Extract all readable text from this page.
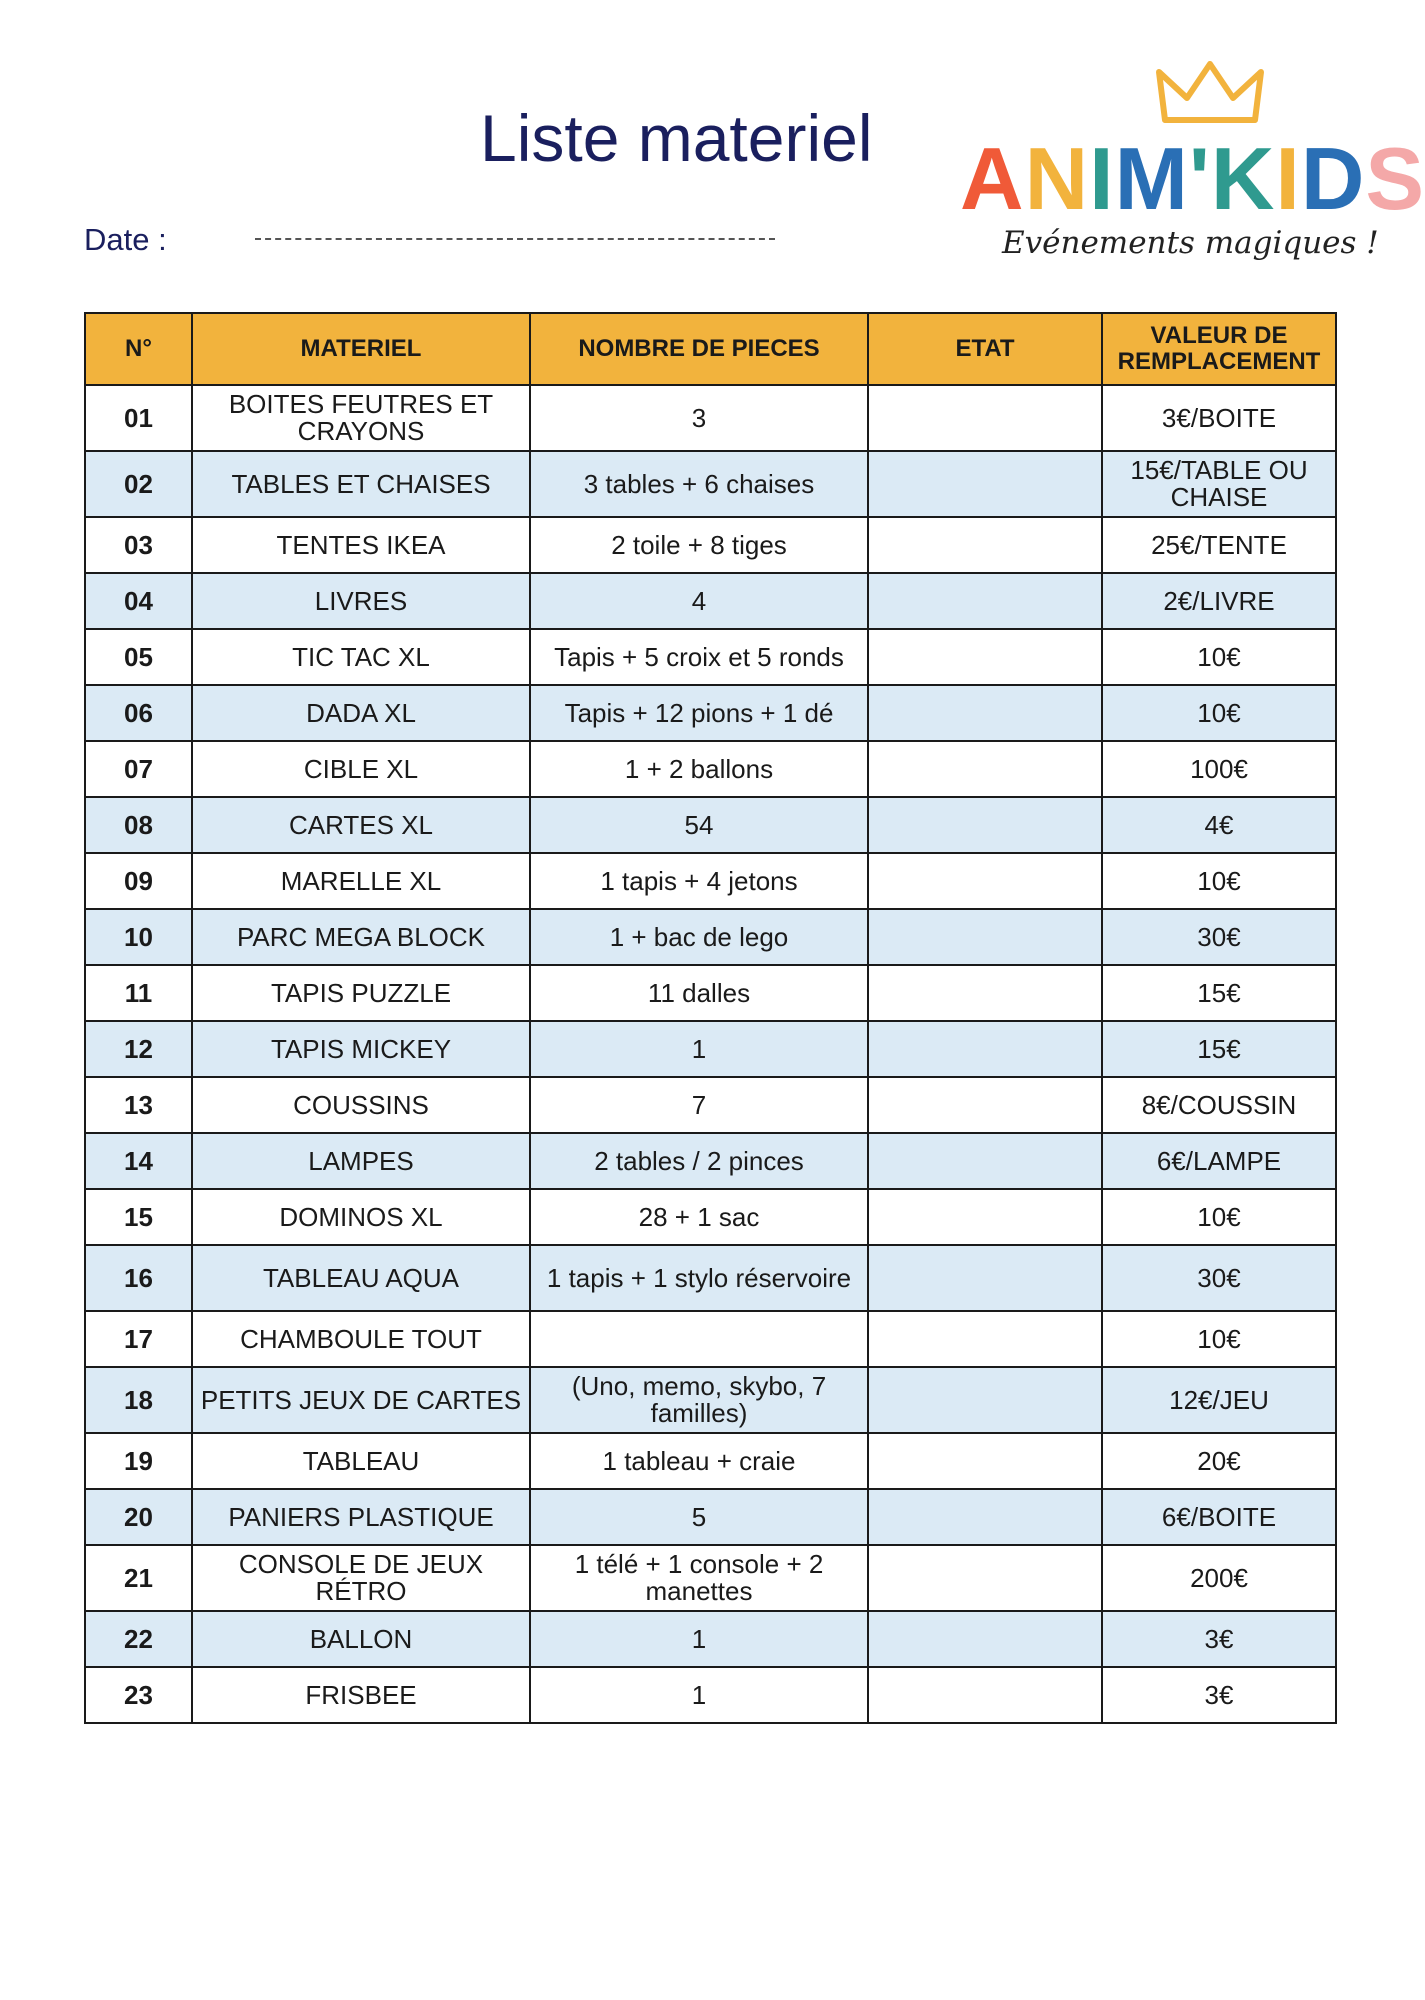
Liste materiel
Date :
ANIM'KIDS
Evénements magiques !
N°	MATERIEL	NOMBRE DE PIECES	ETAT	VALEUR DE REMPLACEMENT
01	BOITES FEUTRES ET CRAYONS	3		3€/BOITE
02	TABLES ET CHAISES	3 tables + 6 chaises		15€/TABLE OU CHAISE
03	TENTES IKEA	2 toile + 8 tiges		25€/TENTE
04	LIVRES	4		2€/LIVRE
05	TIC TAC XL	Tapis + 5 croix et 5 ronds		10€
06	DADA XL	Tapis + 12 pions + 1 dé		10€
07	CIBLE XL	1 + 2 ballons		100€
08	CARTES XL	54		4€
09	MARELLE XL	1 tapis + 4 jetons		10€
10	PARC MEGA BLOCK	1 + bac de lego		30€
11	TAPIS PUZZLE	11 dalles		15€
12	TAPIS MICKEY	1		15€
13	COUSSINS	7		8€/COUSSIN
14	LAMPES	2 tables / 2 pinces		6€/LAMPE
15	DOMINOS XL	28 + 1 sac		10€
16	TABLEAU AQUA	1 tapis + 1 stylo réservoire		30€
17	CHAMBOULE TOUT			10€
18	PETITS JEUX DE CARTES	(Uno, memo, skybo, 7 familles)		12€/JEU
19	TABLEAU	1 tableau + craie		20€
20	PANIERS PLASTIQUE	5		6€/BOITE
21	CONSOLE DE JEUX RÉTRO	1 télé + 1 console + 2 manettes		200€
22	BALLON	1		3€
23	FRISBEE	1		3€
